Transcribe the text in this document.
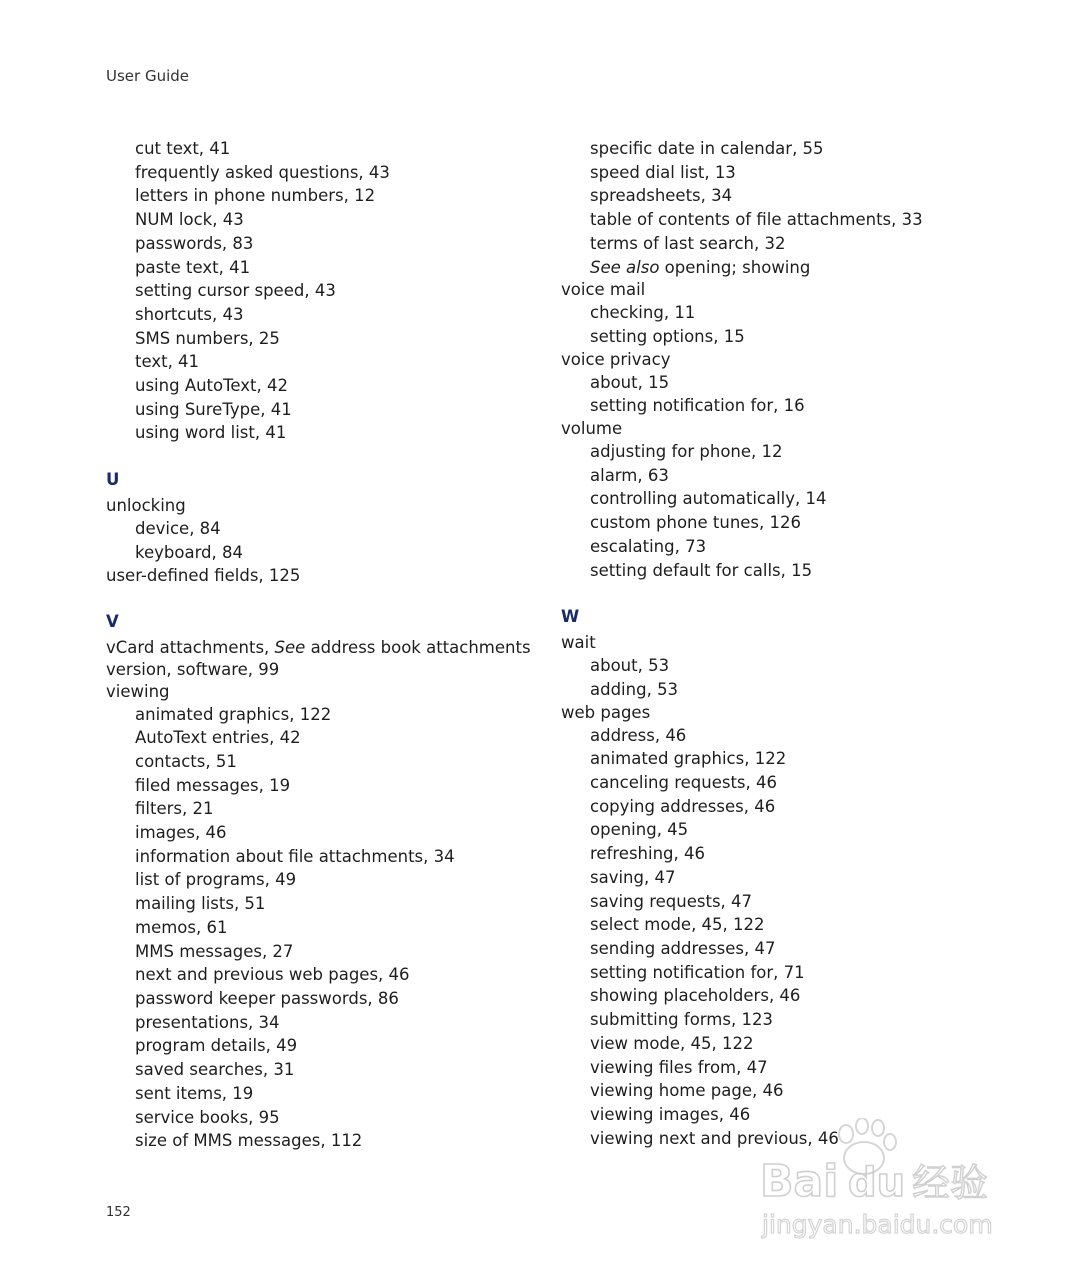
User Guide
cut text, 41
frequently asked questions, 43
letters in phone numbers, 12
NUM lock, 43
passwords, 83
paste text, 41
setting cursor speed, 43
shortcuts, 43
SMS numbers, 25
text, 41
using AutoText, 42
using SureType, 41
using word list, 41
U
unlocking
device, 84
keyboard, 84
user-defined fields, 125
V
vCard attachments, See address book attachments
version, software, 99
viewing
animated graphics, 122
AutoText entries, 42
contacts, 51
filed messages, 19
filters, 21
images, 46
information about file attachments, 34
list of programs, 49
mailing lists, 51
memos, 61
MMS messages, 27
next and previous web pages, 46
password keeper passwords, 86
presentations, 34
program details, 49
saved searches, 31
sent items, 19
service books, 95
size of MMS messages, 112
specific date in calendar, 55
speed dial list, 13
spreadsheets, 34
table of contents of file attachments, 33
terms of last search, 32
See also opening; showing
voice mail
checking, 11
setting options, 15
voice privacy
about, 15
setting notification for, 16
volume
adjusting for phone, 12
alarm, 63
controlling automatically, 14
custom phone tunes, 126
escalating, 73
setting default for calls, 15
W
wait
about, 53
adding, 53
web pages
address, 46
animated graphics, 122
canceling requests, 46
copying addresses, 46
opening, 45
refreshing, 46
saving, 47
saving requests, 47
select mode, 45, 122
sending addresses, 47
setting notification for, 71
showing placeholders, 46
submitting forms, 123
view mode, 45, 122
viewing files from, 47
viewing home page, 46
viewing images, 46
viewing next and previous, 46
152
Bai du 经验
jingyan.baidu.com
